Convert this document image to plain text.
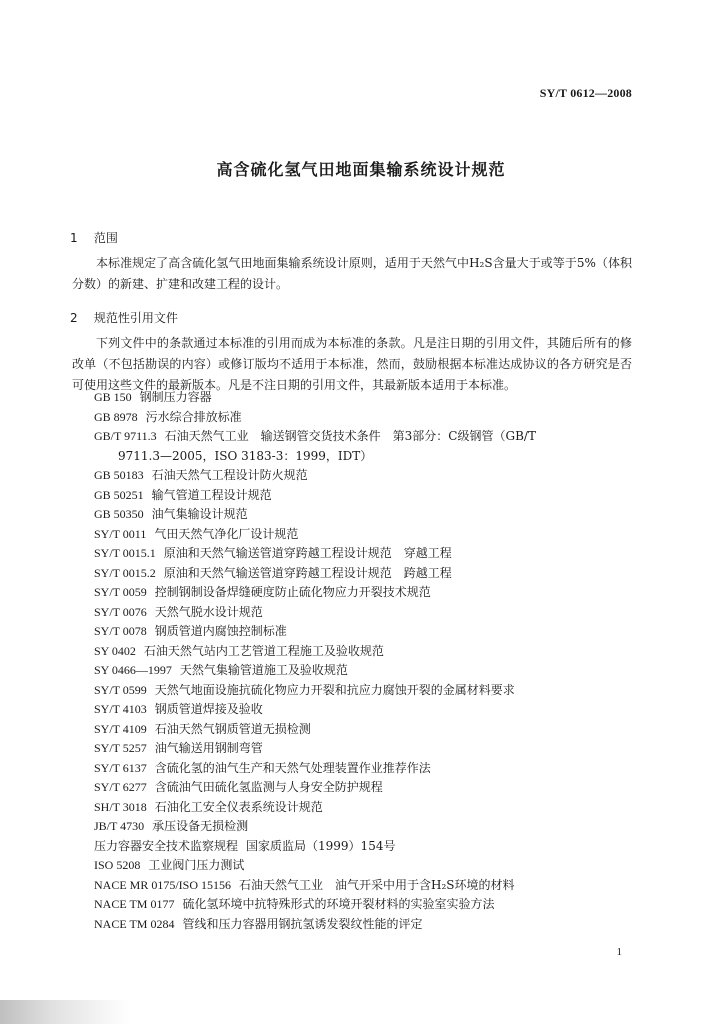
SY/T 0612—2008
高含硫化氢气田地面集输系统设计规范
1 范围

本标准规定了高含硫化氢气田地面集输系统设计原则，适用于天然气中H₂S含量大于或等于5%（体积分数）的新建、扩建和改建工程的设计。

2 规范性引用文件

下列文件中的条款通过本标准的引用而成为本标准的条款。凡是注日期的引用文件，其随后所有的修改单（不包括勘误的内容）或修订版均不适用于本标准，然而，鼓励根据本标准达成协议的各方研究是否可使用这些文件的最新版本。凡是不注日期的引用文件，其最新版本适用于本标准。

GB 150 钢制压力容器
GB 8978 污水综合排放标准
GB/T 9711.3 石油天然气工业　输送钢管交货技术条件　第3部分：C级钢管（GB/T
9711.3—2005，ISO 3183-3：1999，IDT）
GB 50183 石油天然气工程设计防火规范
GB 50251 输气管道工程设计规范
GB 50350 油气集输设计规范
SY/T 0011 气田天然气净化厂设计规范
SY/T 0015.1 原油和天然气输送管道穿跨越工程设计规范　穿越工程
SY/T 0015.2 原油和天然气输送管道穿跨越工程设计规范　跨越工程
SY/T 0059 控制钢制设备焊缝硬度防止硫化物应力开裂技术规范
SY/T 0076 天然气脱水设计规范
SY/T 0078 钢质管道内腐蚀控制标准
SY 0402 石油天然气站内工艺管道工程施工及验收规范
SY 0466—1997 天然气集输管道施工及验收规范
SY/T 0599 天然气地面设施抗硫化物应力开裂和抗应力腐蚀开裂的金属材料要求
SY/T 4103 钢质管道焊接及验收
SY/T 4109 石油天然气钢质管道无损检测
SY/T 5257 油气输送用钢制弯管
SY/T 6137 含硫化氢的油气生产和天然气处理装置作业推荐作法
SY/T 6277 含硫油气田硫化氢监测与人身安全防护规程
SH/T 3018 石油化工安全仪表系统设计规范
JB/T 4730 承压设备无损检测
压力容器安全技术监察规程 国家质监局（1999）154号
ISO 5208 工业阀门压力测试
NACE MR 0175/ISO 15156 石油天然气工业　油气开采中用于含H₂S环境的材料
NACE TM 0177 硫化氢环境中抗特殊形式的环境开裂材料的实验室实验方法
NACE TM 0284 管线和压力容器用钢抗氢诱发裂纹性能的评定
1
